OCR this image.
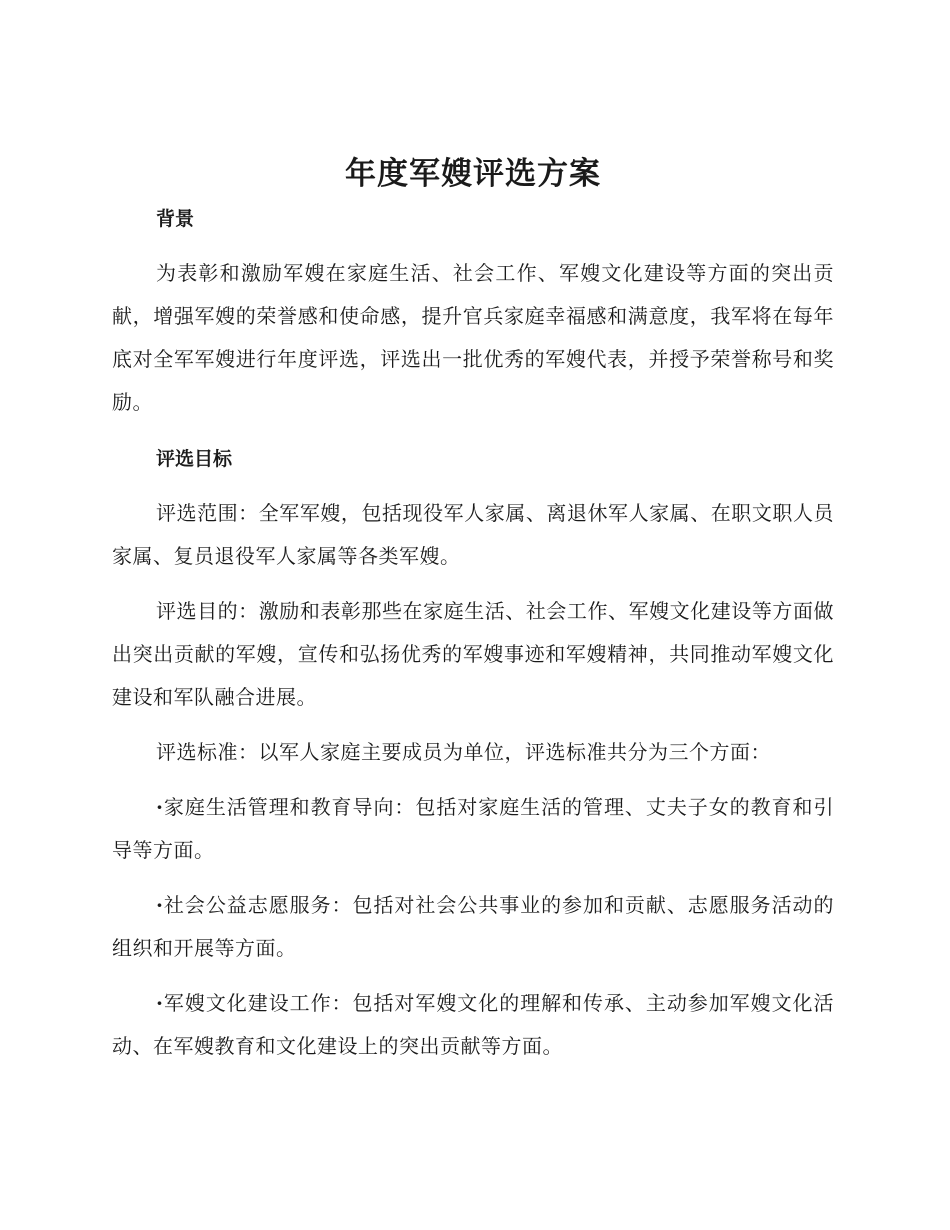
年度军嫂评选方案
背景

为表彰和激励军嫂在家庭生活、社会工作、军嫂文化建设等方面的突出贡献，增强军嫂的荣誉感和使命感，提升官兵家庭幸福感和满意度，我军将在每年底对全军军嫂进行年度评选，评选出一批优秀的军嫂代表，并授予荣誉称号和奖励。

评选目标

评选范围：全军军嫂，包括现役军人家属、离退休军人家属、在职文职人员家属、复员退役军人家属等各类军嫂。

评选目的：激励和表彰那些在家庭生活、社会工作、军嫂文化建设等方面做出突出贡献的军嫂，宣传和弘扬优秀的军嫂事迹和军嫂精神，共同推动军嫂文化建设和军队融合进展。

评选标准：以军人家庭主要成员为单位，评选标准共分为三个方面：

·家庭生活管理和教育导向：包括对家庭生活的管理、丈夫子女的教育和引导等方面。

·社会公益志愿服务：包括对社会公共事业的参加和贡献、志愿服务活动的组织和开展等方面。

·军嫂文化建设工作：包括对军嫂文化的理解和传承、主动参加军嫂文化活动、在军嫂教育和文化建设上的突出贡献等方面。
